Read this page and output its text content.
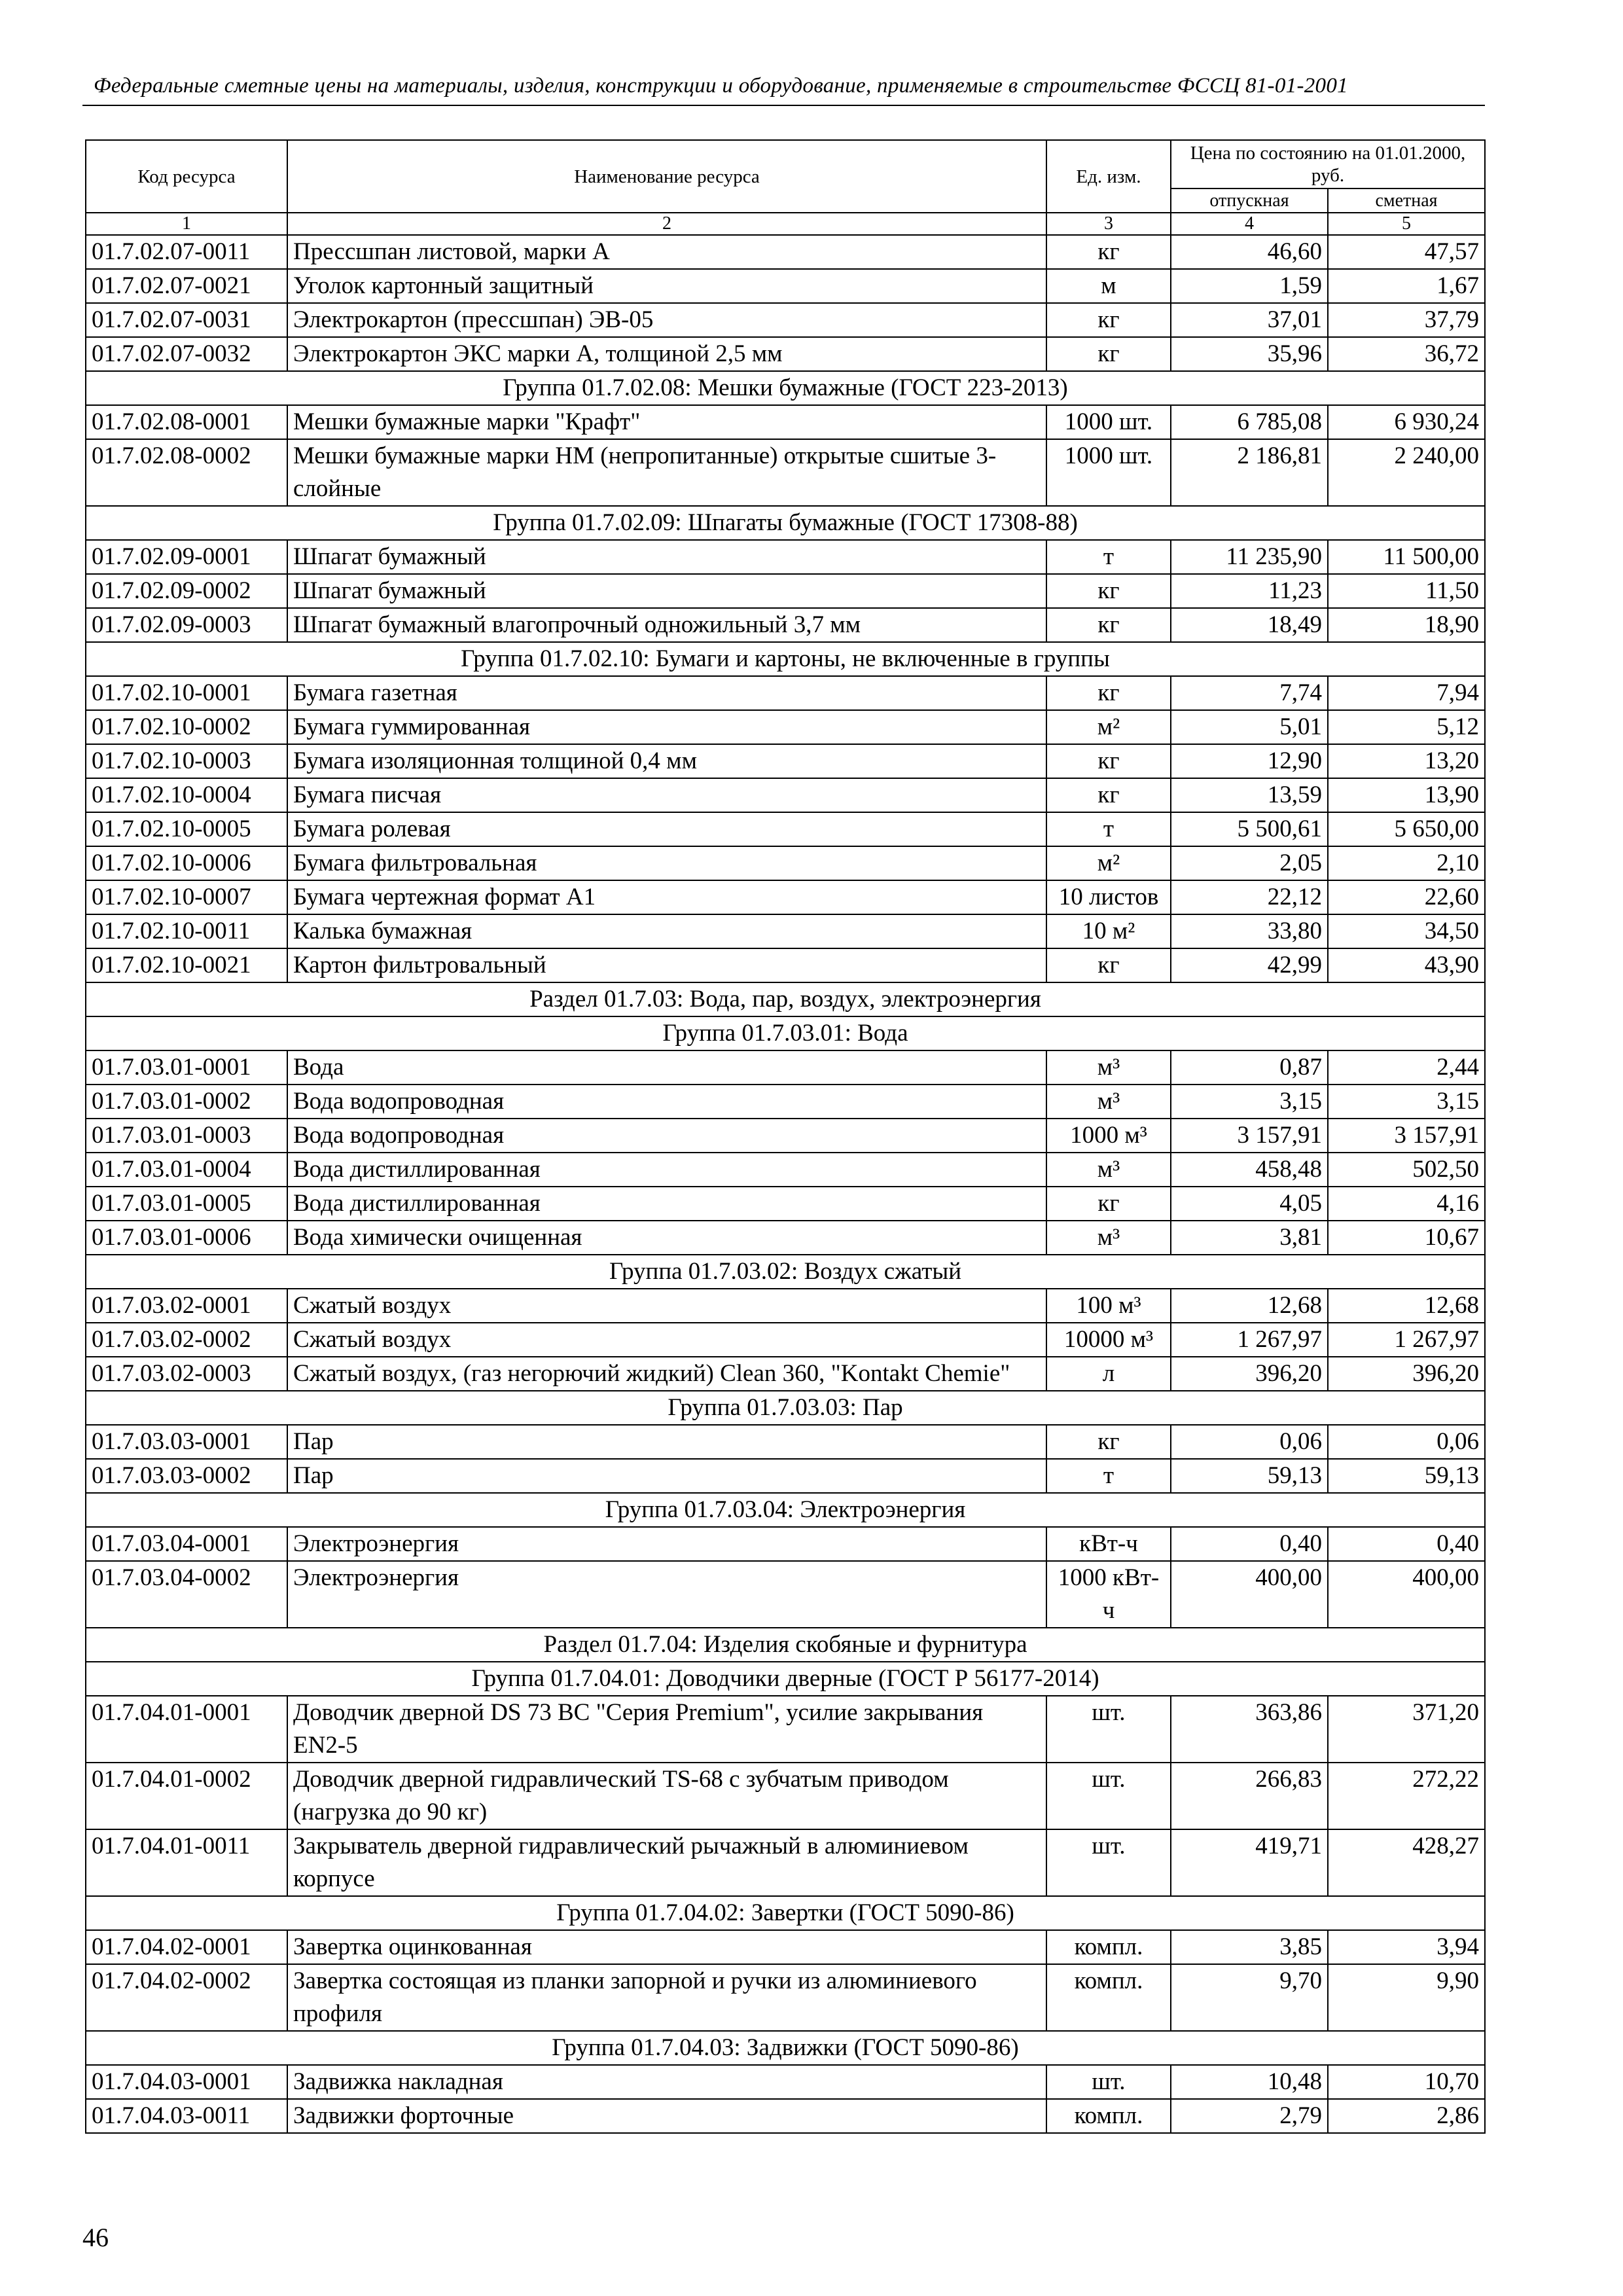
Федеральные сметные цены на материалы, изделия, конструкции и оборудование, применяемые в строительстве ФССЦ 81-01-2001
Код ресурса	Наименование ресурса	Ед. изм.	Цена по состоянию на 01.01.2000, руб.	
			отпускная	сметная
1	2	3	4	5
01.7.02.07-0011	Прессшпан листовой, марки А	кг	46,60	47,57
01.7.02.07-0021	Уголок картонный защитный	м	1,59	1,67
01.7.02.07-0031	Электрокартон (прессшпан) ЭВ-05	кг	37,01	37,79
01.7.02.07-0032	Электрокартон ЭКС марки А, толщиной 2,5 мм	кг	35,96	36,72
Группа 01.7.02.08: Мешки бумажные (ГОСТ 223-2013)				
01.7.02.08-0001	Мешки бумажные марки "Крафт"	1000 шт.	6 785,08	6 930,24
01.7.02.08-0002	Мешки бумажные марки НМ (непропитанные) открытые сшитые 3-слойные	1000 шт.	2 186,81	2 240,00
Группа 01.7.02.09: Шпагаты бумажные (ГОСТ 17308-88)				
01.7.02.09-0001	Шпагат бумажный	т	11 235,90	11 500,00
01.7.02.09-0002	Шпагат бумажный	кг	11,23	11,50
01.7.02.09-0003	Шпагат бумажный влагопрочный одножильный 3,7 мм	кг	18,49	18,90
Группа 01.7.02.10: Бумаги и картоны, не включенные в группы				
01.7.02.10-0001	Бумага газетная	кг	7,74	7,94
01.7.02.10-0002	Бумага гуммированная	м²	5,01	5,12
01.7.02.10-0003	Бумага изоляционная толщиной 0,4 мм	кг	12,90	13,20
01.7.02.10-0004	Бумага писчая	кг	13,59	13,90
01.7.02.10-0005	Бумага ролевая	т	5 500,61	5 650,00
01.7.02.10-0006	Бумага фильтровальная	м²	2,05	2,10
01.7.02.10-0007	Бумага чертежная формат А1	10 листов	22,12	22,60
01.7.02.10-0011	Калька бумажная	10 м²	33,80	34,50
01.7.02.10-0021	Картон фильтровальный	кг	42,99	43,90
Раздел 01.7.03: Вода, пар, воздух, электроэнергия				
Группа 01.7.03.01: Вода				
01.7.03.01-0001	Вода	м³	0,87	2,44
01.7.03.01-0002	Вода водопроводная	м³	3,15	3,15
01.7.03.01-0003	Вода водопроводная	1000 м³	3 157,91	3 157,91
01.7.03.01-0004	Вода дистиллированная	м³	458,48	502,50
01.7.03.01-0005	Вода дистиллированная	кг	4,05	4,16
01.7.03.01-0006	Вода химически очищенная	м³	3,81	10,67
Группа 01.7.03.02: Воздух сжатый				
01.7.03.02-0001	Сжатый воздух	100 м³	12,68	12,68
01.7.03.02-0002	Сжатый воздух	10000 м³	1 267,97	1 267,97
01.7.03.02-0003	Сжатый воздух, (газ негорючий жидкий) Clean 360, "Kontakt Chemie"	л	396,20	396,20
Группа 01.7.03.03: Пар				
01.7.03.03-0001	Пар	кг	0,06	0,06
01.7.03.03-0002	Пар	т	59,13	59,13
Группа 01.7.03.04: Электроэнергия				
01.7.03.04-0001	Электроэнергия	кВт-ч	0,40	0,40
01.7.03.04-0002	Электроэнергия	1000 кВт-ч	400,00	400,00
Раздел 01.7.04: Изделия скобяные и фурнитура				
Группа 01.7.04.01: Доводчики дверные (ГОСТ Р 56177-2014)				
01.7.04.01-0001	Доводчик дверной DS 73 BC "Серия Premium", усилие закрывания EN2-5	шт.	363,86	371,20
01.7.04.01-0002	Доводчик дверной гидравлический TS-68 с зубчатым приводом (нагрузка до 90 кг)	шт.	266,83	272,22
01.7.04.01-0011	Закрыватель дверной гидравлический рычажный в алюминиевом корпусе	шт.	419,71	428,27
Группа 01.7.04.02: Завертки (ГОСТ 5090-86)				
01.7.04.02-0001	Завертка оцинкованная	компл.	3,85	3,94
01.7.04.02-0002	Завертка состоящая из планки запорной и ручки из алюминиевого профиля	компл.	9,70	9,90
Группа 01.7.04.03: Задвижки (ГОСТ 5090-86)				
01.7.04.03-0001	Задвижка накладная	шт.	10,48	10,70
01.7.04.03-0011	Задвижки форточные	компл.	2,79	2,86
46
